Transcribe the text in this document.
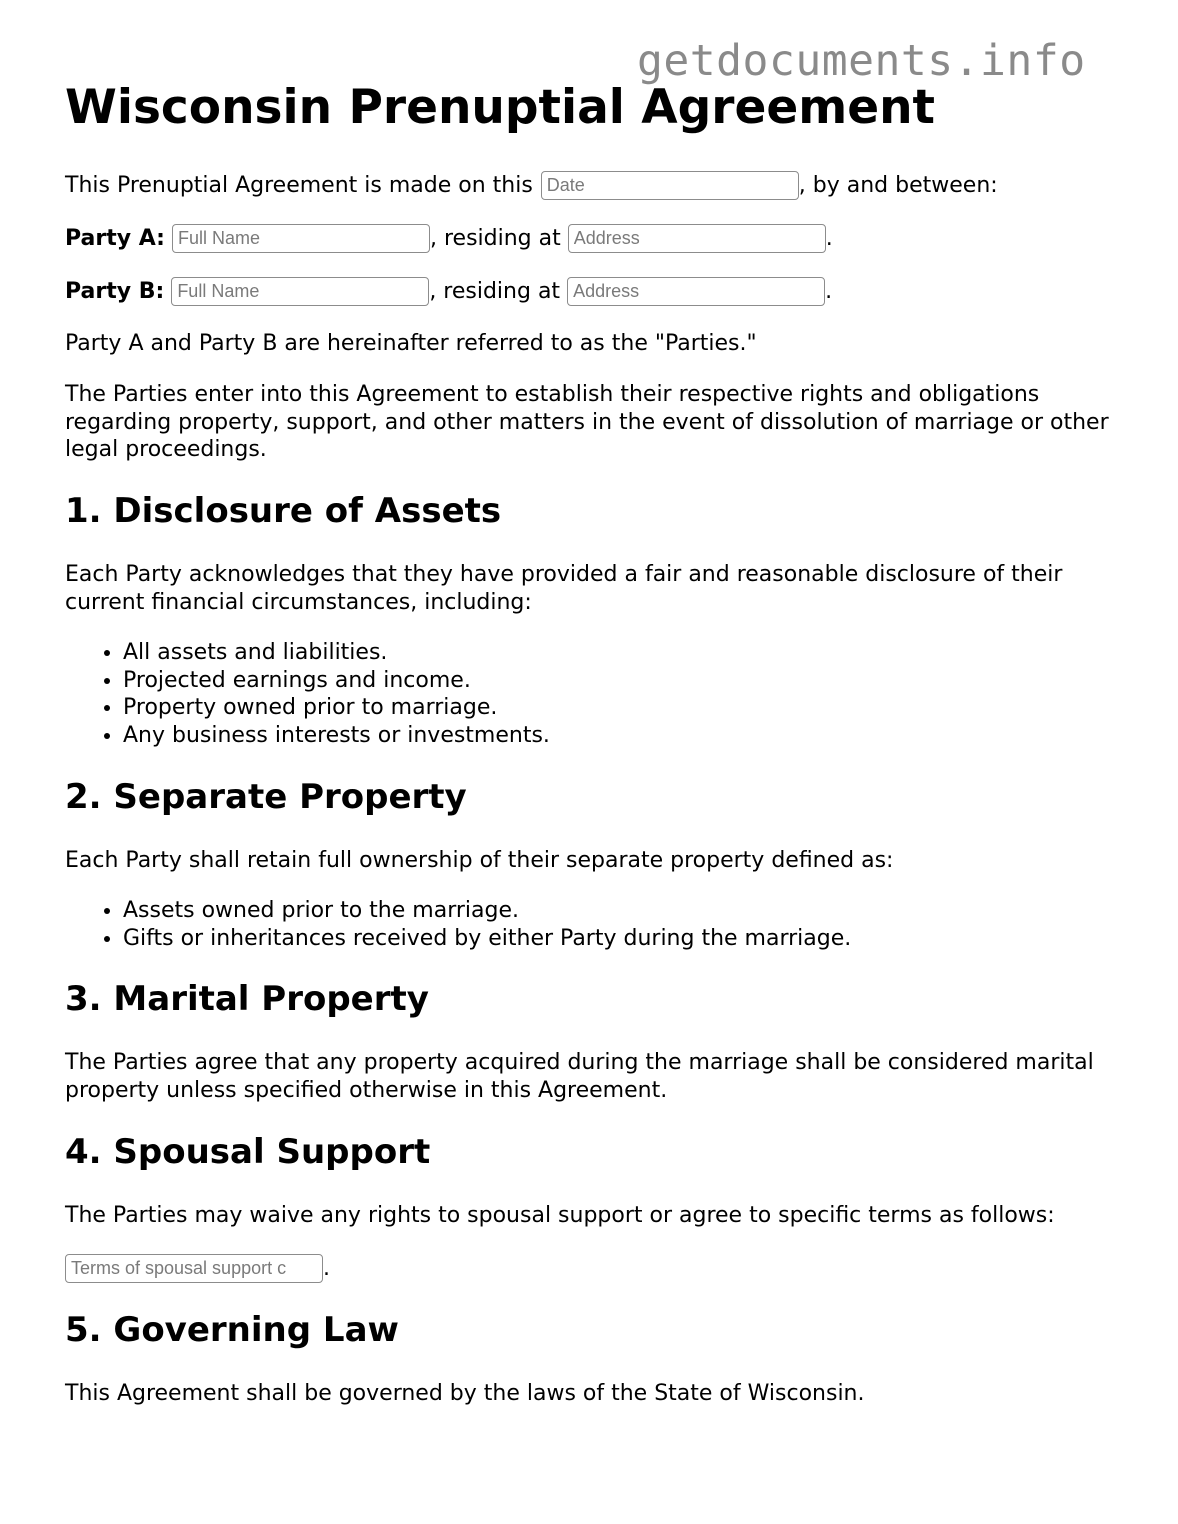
getdocuments.info
Wisconsin Prenuptial Agreement
This Prenuptial Agreement is made on this
Date	, by and between:
Party A:
Full Name	, residing at
Address	.
Party B:
Full Name	, residing at
Address	.

Party A and Party B are hereinafter referred to as the "Parties."

The Parties enter into this Agreement to establish their respective rights and obligations regarding property, support, and other matters in the event of dissolution of marriage or other legal proceedings.

1. Disclosure of Assets

Each Party acknowledges that they have provided a fair and reasonable disclosure of their current financial circumstances, including:

• All assets and liabilities.
• Projected earnings and income.
• Property owned prior to marriage.
• Any business interests or investments.
2. Separate Property

Each Party shall retain full ownership of their separate property defined as:

• Assets owned prior to the marriage.
• Gifts or inheritances received by either Party during the marriage.
3. Marital Property

The Parties agree that any property acquired during the marriage shall be considered marital property unless specified otherwise in this Agreement.

4. Spousal Support

The Parties may waive any rights to spousal support or agree to specific terms as follows:

Terms of spousal support c
.
5. Governing Law

This Agreement shall be governed by the laws of the State of Wisconsin.
